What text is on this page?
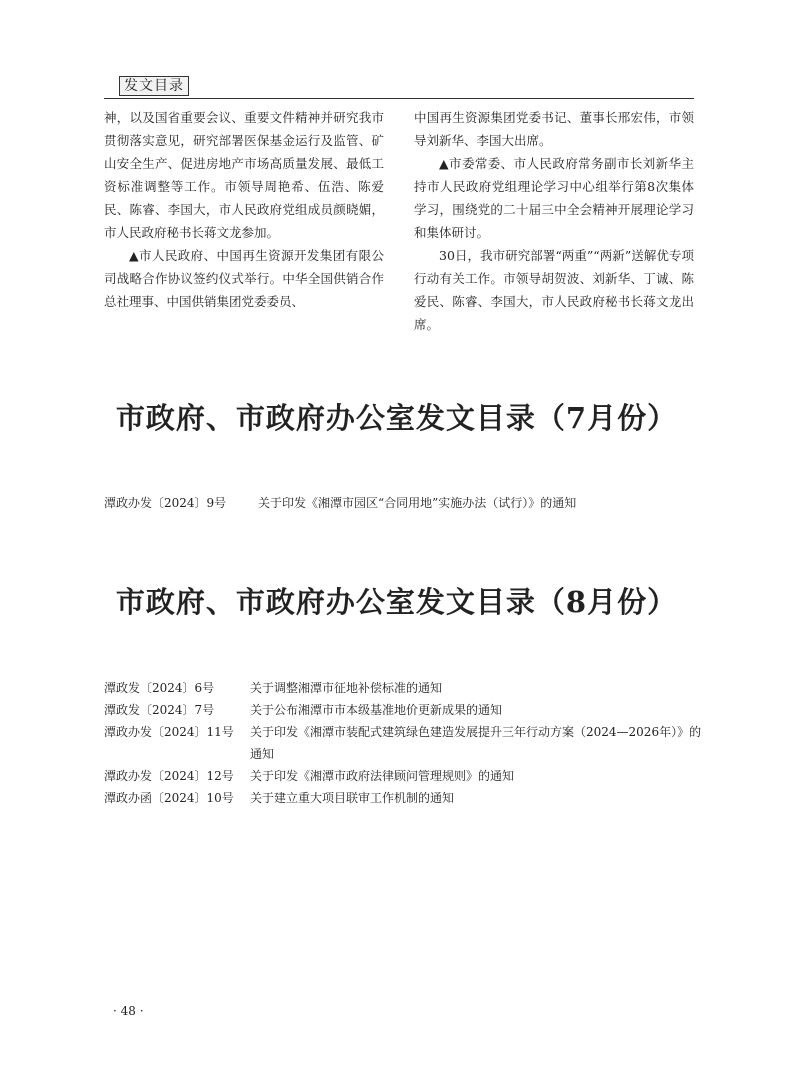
发文目录

神，以及国省重要会议、重要文件精神并研究我市贯彻落实意见，研究部署医保基金运行及监管、矿山安全生产、促进房地产市场高质量发展、最低工资标准调整等工作。市领导周艳希、伍浩、陈爱民、陈睿、李国大，市人民政府党组成员颜晓媚，市人民政府秘书长蒋文龙参加。

▲市人民政府、中国再生资源开发集团有限公司战略合作协议签约仪式举行。中华全国供销合作总社理事、中国供销集团党委委员、

中国再生资源集团党委书记、董事长邢宏伟，市领导刘新华、李国大出席。

▲市委常委、市人民政府常务副市长刘新华主持市人民政府党组理论学习中心组举行第8次集体学习，围绕党的二十届三中全会精神开展理论学习和集体研讨。

30日，我市研究部署“两重”“两新”送解优专项行动有关工作。市领导胡贺波、刘新华、丁诚、陈爱民、陈睿、李国大，市人民政府秘书长蒋文龙出席。

市政府、市政府办公室发文目录（7月份）
潭政办发〔2024〕9号	关于印发《湘潭市园区“合同用地”实施办法（试行）》的通知
市政府、市政府办公室发文目录（8月份）
潭政发〔2024〕6号	关于调整湘潭市征地补偿标准的通知
潭政发〔2024〕7号	关于公布湘潭市市本级基准地价更新成果的通知
潭政办发〔2024〕11号	关于印发《湘潭市装配式建筑绿色建造发展提升三年行动方案（2024—2026年）》的通知
潭政办发〔2024〕12号	关于印发《湘潭市政府法律顾问管理规则》的通知
潭政办函〔2024〕10号	关于建立重大项目联审工作机制的通知
· 48 ·
